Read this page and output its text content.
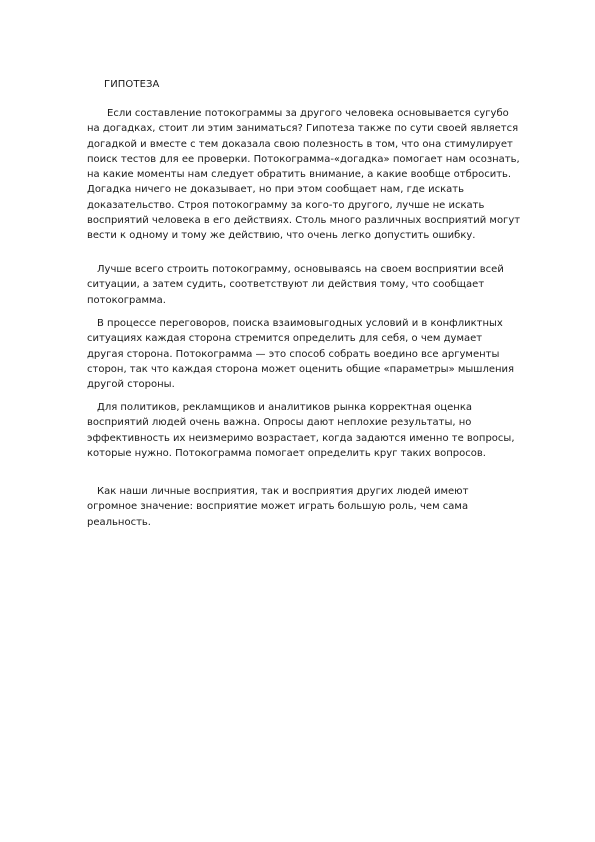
ГИПОТЕЗА

Если составление потокограммы за другого человека основывается сугубо на догадках, стоит ли этим заниматься? Гипотеза также по сути своей является догадкой и вместе с тем доказала свою полезность в том, что она стимулирует поиск тестов для ее проверки. Потокограмма-«догадка» помогает нам осознать, на какие моменты нам следует обратить внимание, а какие вообще отбросить. Догадка ничего не доказывает, но при этом сообщает нам, где искать доказательство. Строя потокограмму за кого-то другого, лучше не искать восприятий человека в его действиях. Столь много различных восприятий могут вести к одному и тому же действию, что очень легко допустить ошибку.

Лучше всего строить потокограмму, основываясь на своем восприятии всей ситуации, а затем судить, соответствуют ли действия тому, что сообщает потокограмма.

В процессе переговоров, поиска взаимовыгодных условий и в конфликтных ситуациях каждая сторона стремится определить для себя, о чем думает другая сторона. Потокограмма — это способ собрать воедино все аргументы сторон, так что каждая сторона может оценить общие «параметры» мышления другой стороны.

Для политиков, рекламщиков и аналитиков рынка корректная оценка восприятий людей очень важна. Опросы дают неплохие результаты, но эффективность их неизмеримо возрастает, когда задаются именно те вопросы, которые нужно. Потокограмма помогает определить круг таких вопросов.

Как наши личные восприятия, так и восприятия других людей имеют огромное значение: восприятие может играть большую роль, чем сама реальность.
